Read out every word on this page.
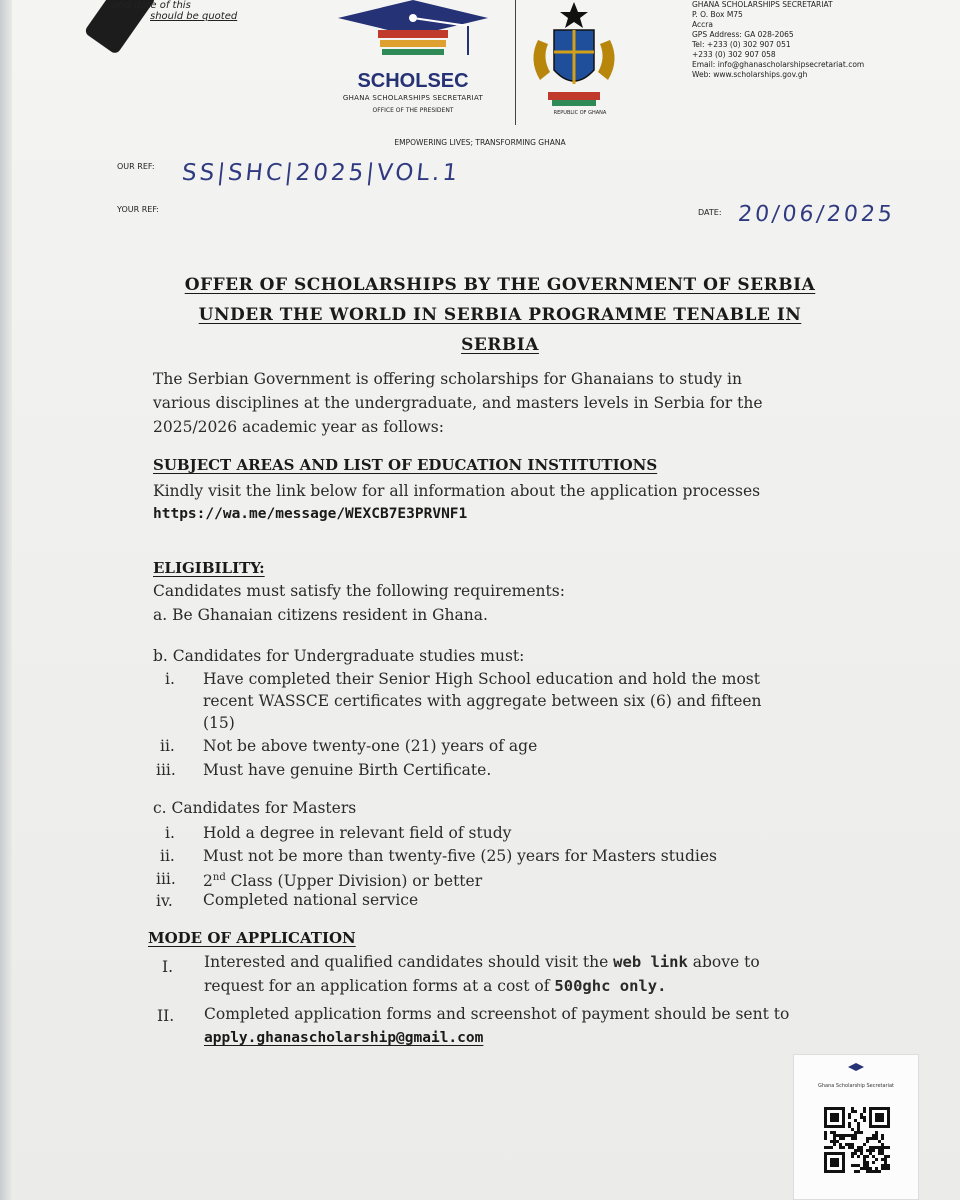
and date of this
should be quoted
SCHOLSEC
GHANA SCHOLARSHIPS SECRETARIAT
OFFICE OF THE PRESIDENT	REPUBLIC OF GHANA
GHANA SCHOLARSHIPS SECRETARIAT
P. O. Box M75
Accra
GPS Address: GA 028-2065
Tel: +233 (0) 302 907 051
+233 (0) 302 907 058
Email: info@ghanascholarshipsecretariat.com
Web: www.scholarships.gov.gh
EMPOWERING LIVES; TRANSFORMING GHANA
OUR REF: SS|SHC|2025|VOL.1
YOUR REF:	DATE: 20/06/2025
OFFER OF SCHOLARSHIPS BY THE GOVERNMENT OF SERBIA
UNDER THE WORLD IN SERBIA PROGRAMME TENABLE IN
SERBIA
The Serbian Government is offering scholarships for Ghanaians to study in
various disciplines at the undergraduate, and masters levels in Serbia for the
2025/2026 academic year as follows:
SUBJECT AREAS AND LIST OF EDUCATION INSTITUTIONS
Kindly visit the link below for all information about the application processes
https://wa.me/message/WEXCB7E3PRVNF1
ELIGIBILITY:
Candidates must satisfy the following requirements:
a. Be Ghanaian citizens resident in Ghana.
b. Candidates for Undergraduate studies must:
i. Have completed their Senior High School education and hold the most
recent WASSCE certificates with aggregate between six (6) and fifteen
(15)
ii. Not be above twenty-one (21) years of age
iii. Must have genuine Birth Certificate.
c. Candidates for Masters
i. Hold a degree in relevant field of study
ii. Must not be more than twenty-five (25) years for Masters studies
iii. 2nd Class (Upper Division) or better
iv. Completed national service
MODE OF APPLICATION
I. Interested and qualified candidates should visit the web link above to
request for an application forms at a cost of 500ghc only.
II. Completed application forms and screenshot of payment should be sent to
apply.ghanascholarship@gmail.com
Ghana Scholarship Secretariat
